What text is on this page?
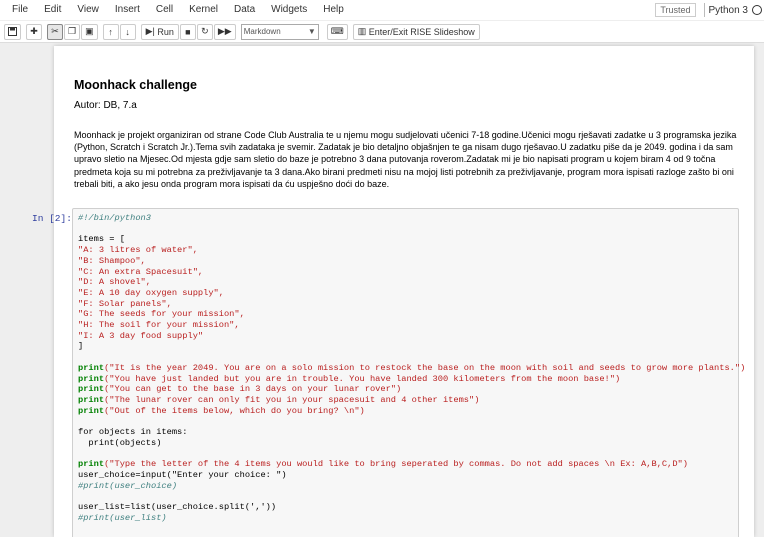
File	Edit	View	Insert	Cell	Kernel	Data	Widgets	Help	Trusted	Python 3
✚ ✂ ❐ ▣ ↑ ↓ ▶|
Run ■ ↻ ▶▶ Markdown	▼ ⌨ ▥
Enter/Exit RISE Slideshow
Moonhack challenge
Autor: DB, 7.a
Moonhack je projekt organiziran od strane Code Club Australia te u njemu mogu sudjelovati učenici 7-18 godine.Učenici mogu rješavati zadatke u 3 programska jezika (Python, Scratch i Scratch Jr.).Tema svih zadataka je svemir. Zadatak je bio detaljno objašnjen te ga nisam dugo rješavao.U zadatku piše da je 2049. godina i da sam upravo sletio na Mjesec.Od mjesta gdje sam sletio do baze je potrebno 3 dana putovanja roverom.Zadatak mi je bio napisati program u kojem biram 4 od 9 točna predmeta koja su mi potrebna za preživljavanje ta 3 dana.Ako birani predmeti nisu na mojoj listi potrebnih za preživljavanje, program mora ispisati razloge zašto bi oni trebali biti, a ako jesu onda program mora ispisati da ću uspješno doći do baze.
In [2]: #!/bin/python3

items = [
"A: 3 litres of water",
"B: Shampoo",
"C: An extra Spacesuit",
"D: A shovel",
"E: A 10 day oxygen supply",
"F: Solar panels",
"G: The seeds for your mission",
"H: The soil for your mission",
"I: A 3 day food supply"
]

print("It is the year 2049. You are on a solo mission to restock the base on the moon with soil and seeds to grow more plants.")
print("You have just landed but you are in trouble. You have landed 300 kilometers from the moon base!")
print("You can get to the base in 3 days on your lunar rover")
print("The lunar rover can only fit you in your spacesuit and 4 other items")
print("Out of the items below, which do you bring? \n")

for objects in items:
print(objects)

print("Type the letter of the 4 items you would like to bring seperated by commas. Do not add spaces \n Ex: A,B,C,D")
user_choice=input("Enter your choice: ")
#print(user_choice)

user_list=list(user_choice.split(','))
#print(user_list)
